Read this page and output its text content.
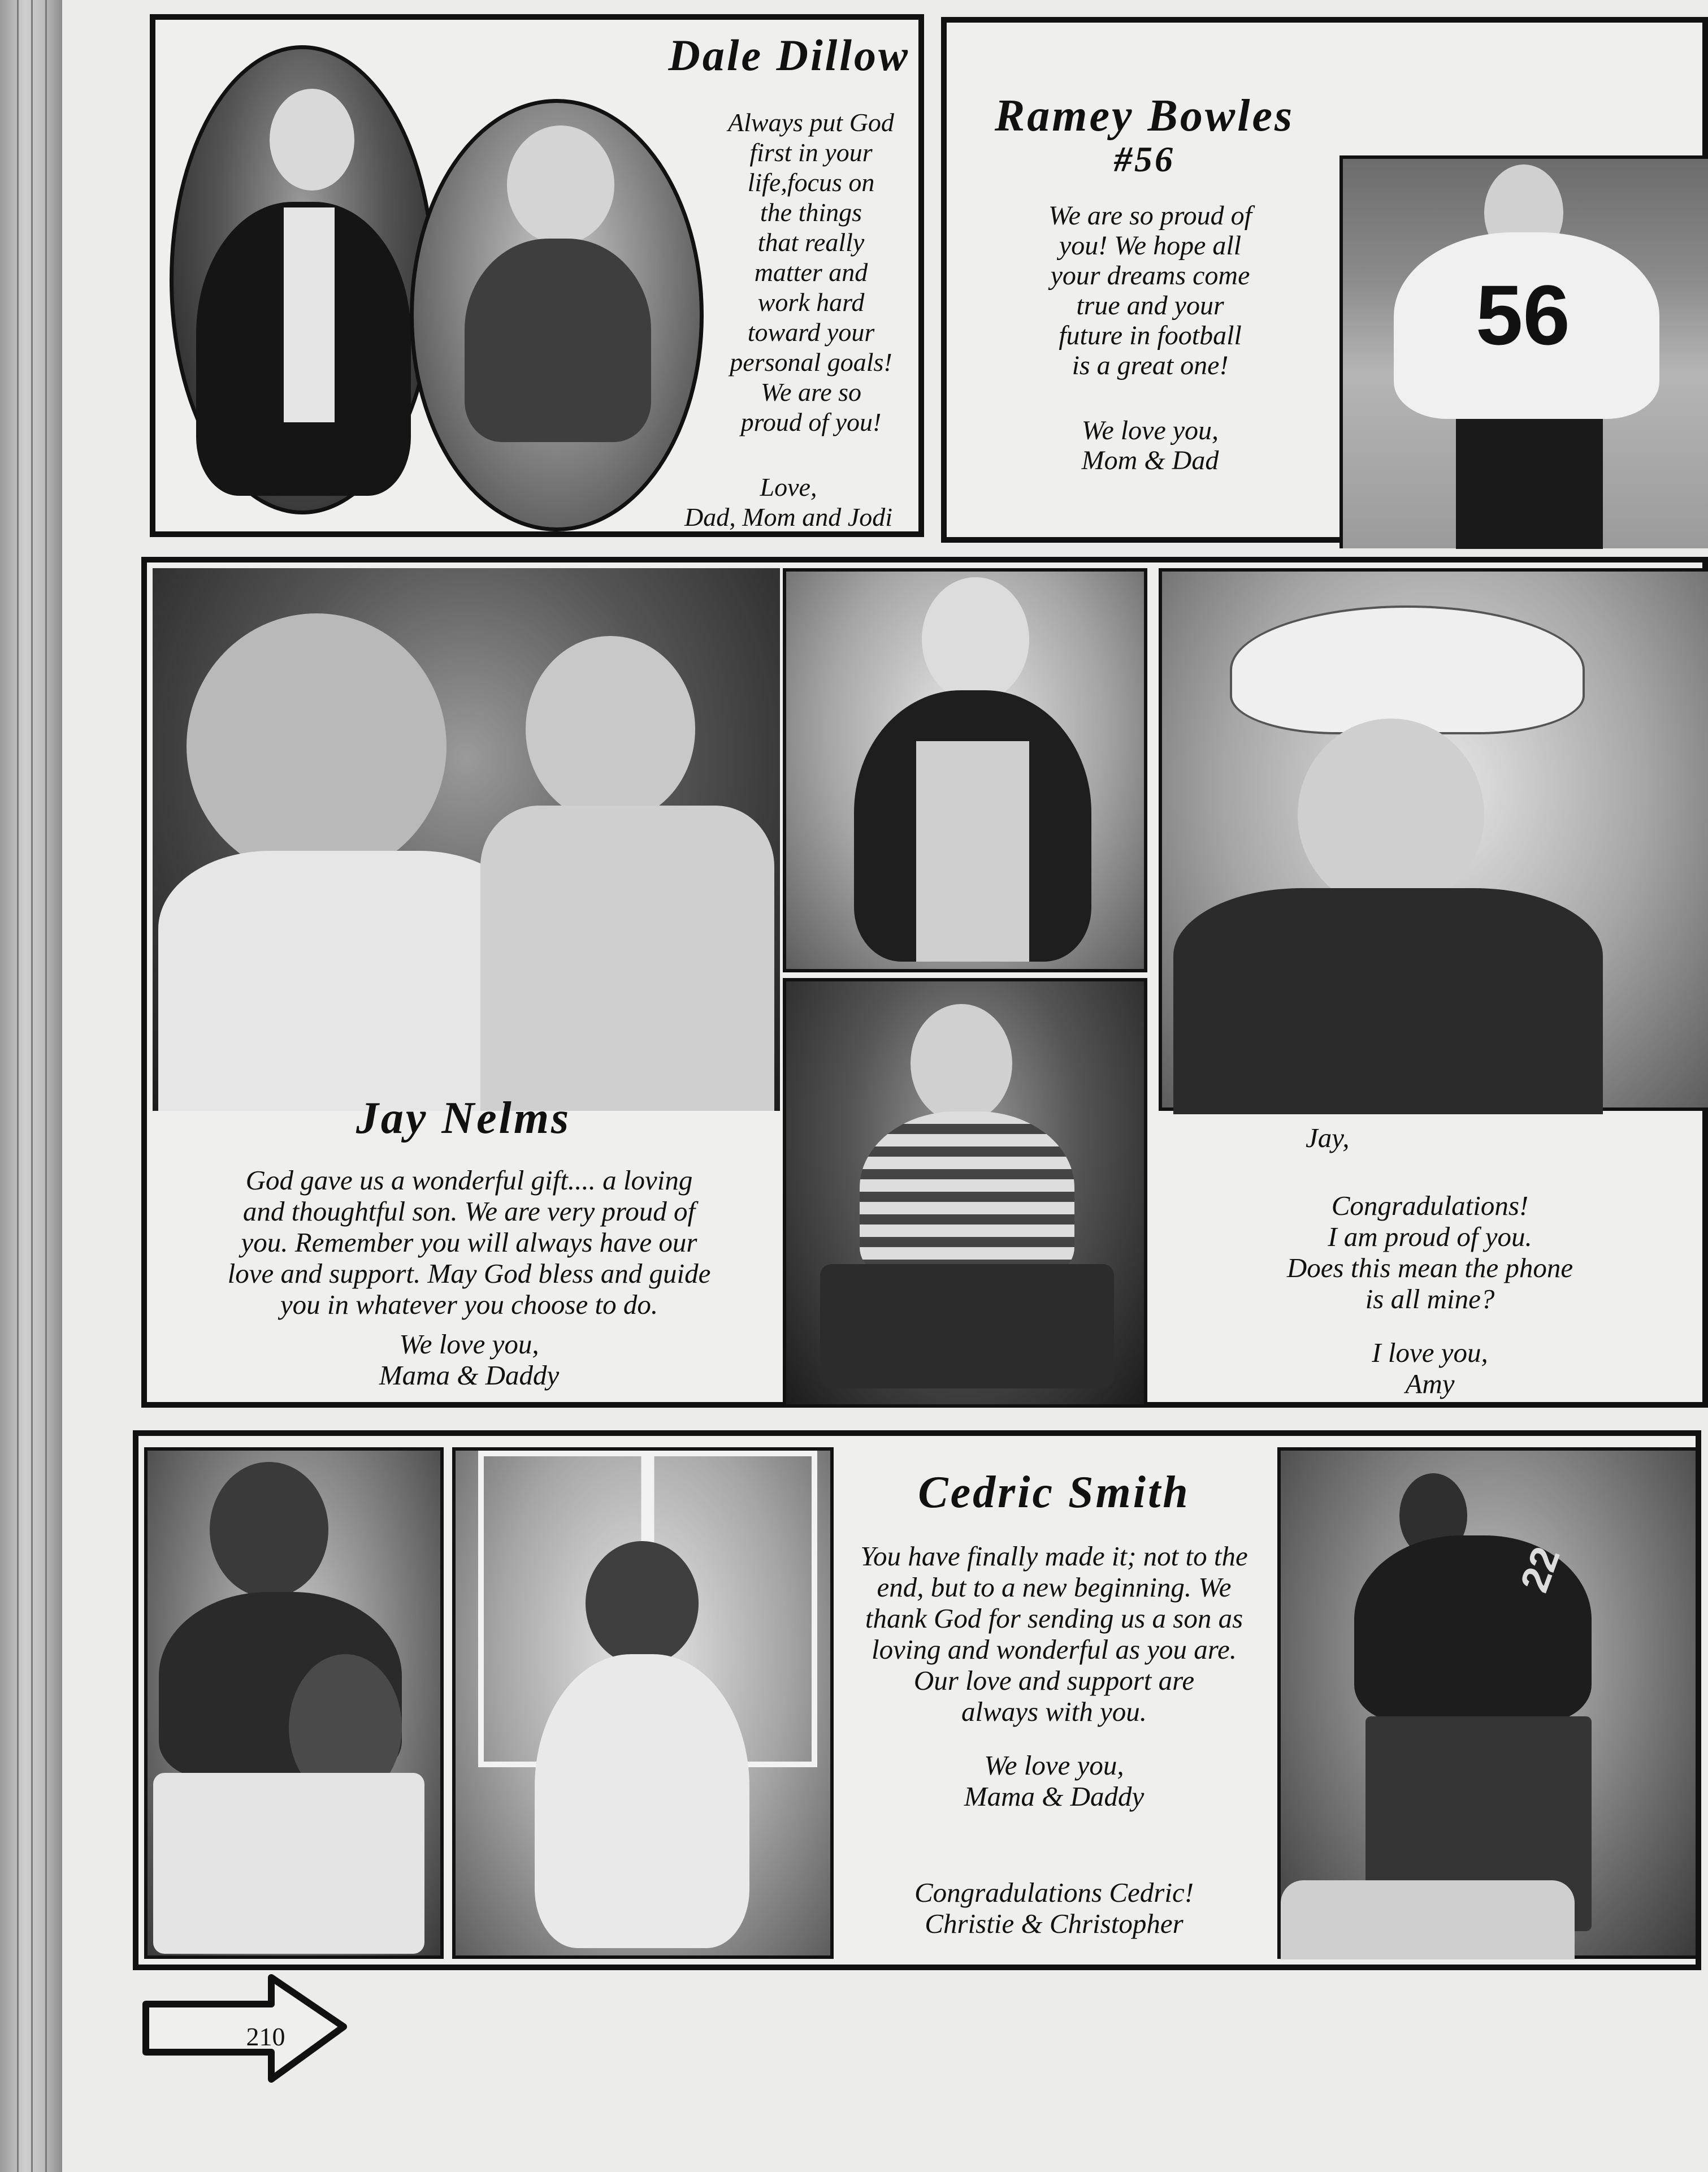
Dale Dillow
Always put God
first in your
life,focus on
the things
that really
matter and
work hard
toward your
personal goals!
We are so
proud of you!
Love,
Dad, Mom and Jodi
Ramey Bowles
#56
We are so proud of
you! We hope all
your dreams come
true and your
future in football
is a great one!
We love you,
Mom & Dad
56
Jay Nelms
God gave us a wonderful gift.... a loving
and thoughtful son. We are very proud of
you. Remember you will always have our
love and support. May God bless and guide
you in whatever you choose to do.
We love you,
Mama & Daddy
Jay,
Congradulations!
I am proud of you.
Does this mean the phone
is all mine?
I love you,
Amy
Cedric Smith
You have finally made it; not to the
end, but to a new beginning. We
thank God for sending us a son as
loving and wonderful as you are.
Our love and support are
always with you.
We love you,
Mama & Daddy
Congradulations Cedric!
Christie & Christopher
22
210
